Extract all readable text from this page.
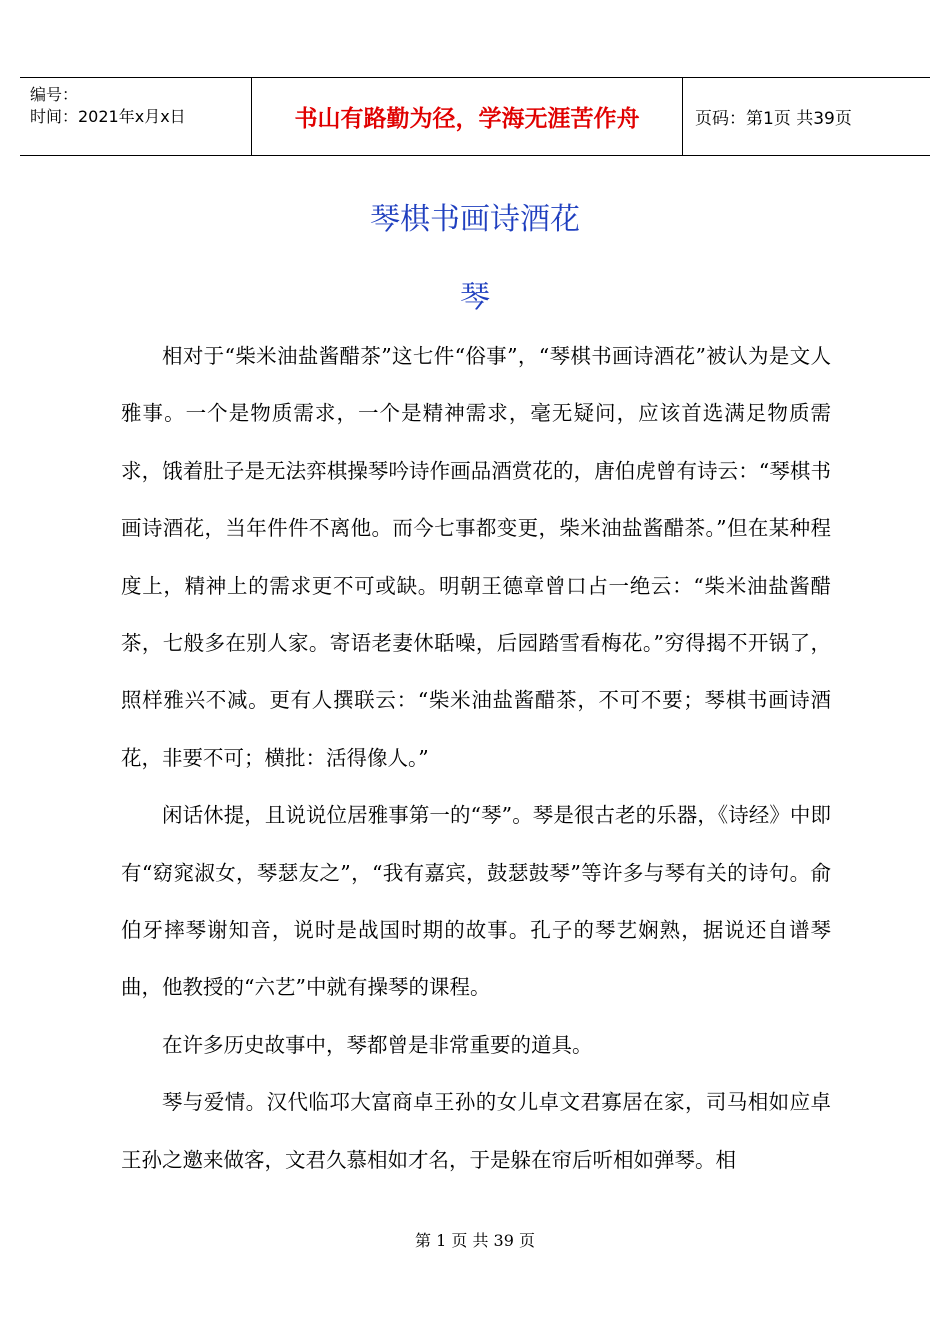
编号：
时间：2021年x月x日	书山有路勤为径，学海无涯苦作舟	页码：第1页 共39页
琴棋书画诗酒花
琴

相对于“柴米油盐酱醋茶”这七件“俗事”，“琴棋书画诗酒花”被认为是文人雅事。一个是物质需求，一个是精神需求，毫无疑问，应该首选满足物质需求，饿着肚子是无法弈棋操琴吟诗作画品酒赏花的，唐伯虎曾有诗云：“琴棋书画诗酒花，当年件件不离他。而今七事都变更，柴米油盐酱醋茶。”但在某种程度上，精神上的需求更不可或缺。明朝王德章曾口占一绝云：“柴米油盐酱醋茶，七般多在别人家。寄语老妻休聒噪，后园踏雪看梅花。”穷得揭不开锅了，照样雅兴不减。更有人撰联云：“柴米油盐酱醋茶，不可不要；琴棋书画诗酒花，非要不可；横批：活得像人。”

闲话休提，且说说位居雅事第一的“琴”。琴是很古老的乐器，《诗经》中即有“窈窕淑女，琴瑟友之”，“我有嘉宾，鼓瑟鼓琴”等许多与琴有关的诗句。俞伯牙摔琴谢知音，说时是战国时期的故事。孔子的琴艺娴熟，据说还自谱琴曲，他教授的“六艺”中就有操琴的课程。

在许多历史故事中，琴都曾是非常重要的道具。

琴与爱情。汉代临邛大富商卓王孙的女儿卓文君寡居在家，司马相如应卓王孙之邀来做客，文君久慕相如才名，于是躲在帘后听相如弹琴。相

第 1 页 共 39 页
